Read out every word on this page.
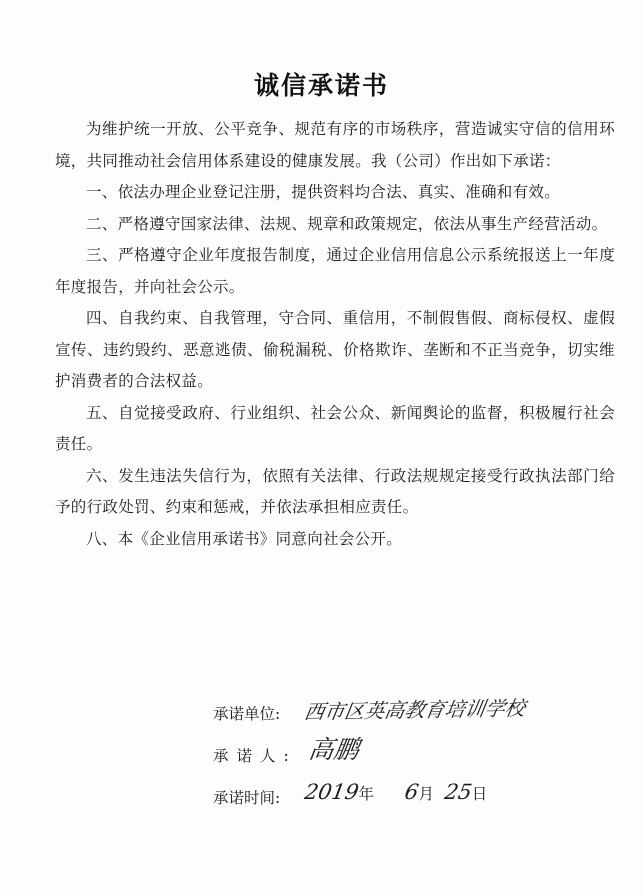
诚信承诺书

为维护统一开放、公平竞争、规范有序的市场秩序，营造诚实守信的信用环境，共同推动社会信用体系建设的健康发展。我（公司）作出如下承诺：

一、依法办理企业登记注册，提供资料均合法、真实、准确和有效。

二、严格遵守国家法律、法规、规章和政策规定，依法从事生产经营活动。

三、严格遵守企业年度报告制度，通过企业信用信息公示系统报送上一年度年度报告，并向社会公示。

四、自我约束、自我管理，守合同、重信用，不制假售假、商标侵权、虚假宣传、违约毁约、恶意逃债、偷税漏税、价格欺诈、垄断和不正当竞争，切实维护消费者的合法权益。

五、自觉接受政府、行业组织、社会公众、新闻舆论的监督，积极履行社会责任。

六、发生违法失信行为，依照有关法律、行政法规规定接受行政执法部门给予的行政处罚、约束和惩戒，并依法承担相应责任。

八、本《企业信用承诺书》同意向社会公开。

承诺单位:	西市区英高教育培训学校
承诺人: 高鹏
承诺时间:	2019年 6月 25日
